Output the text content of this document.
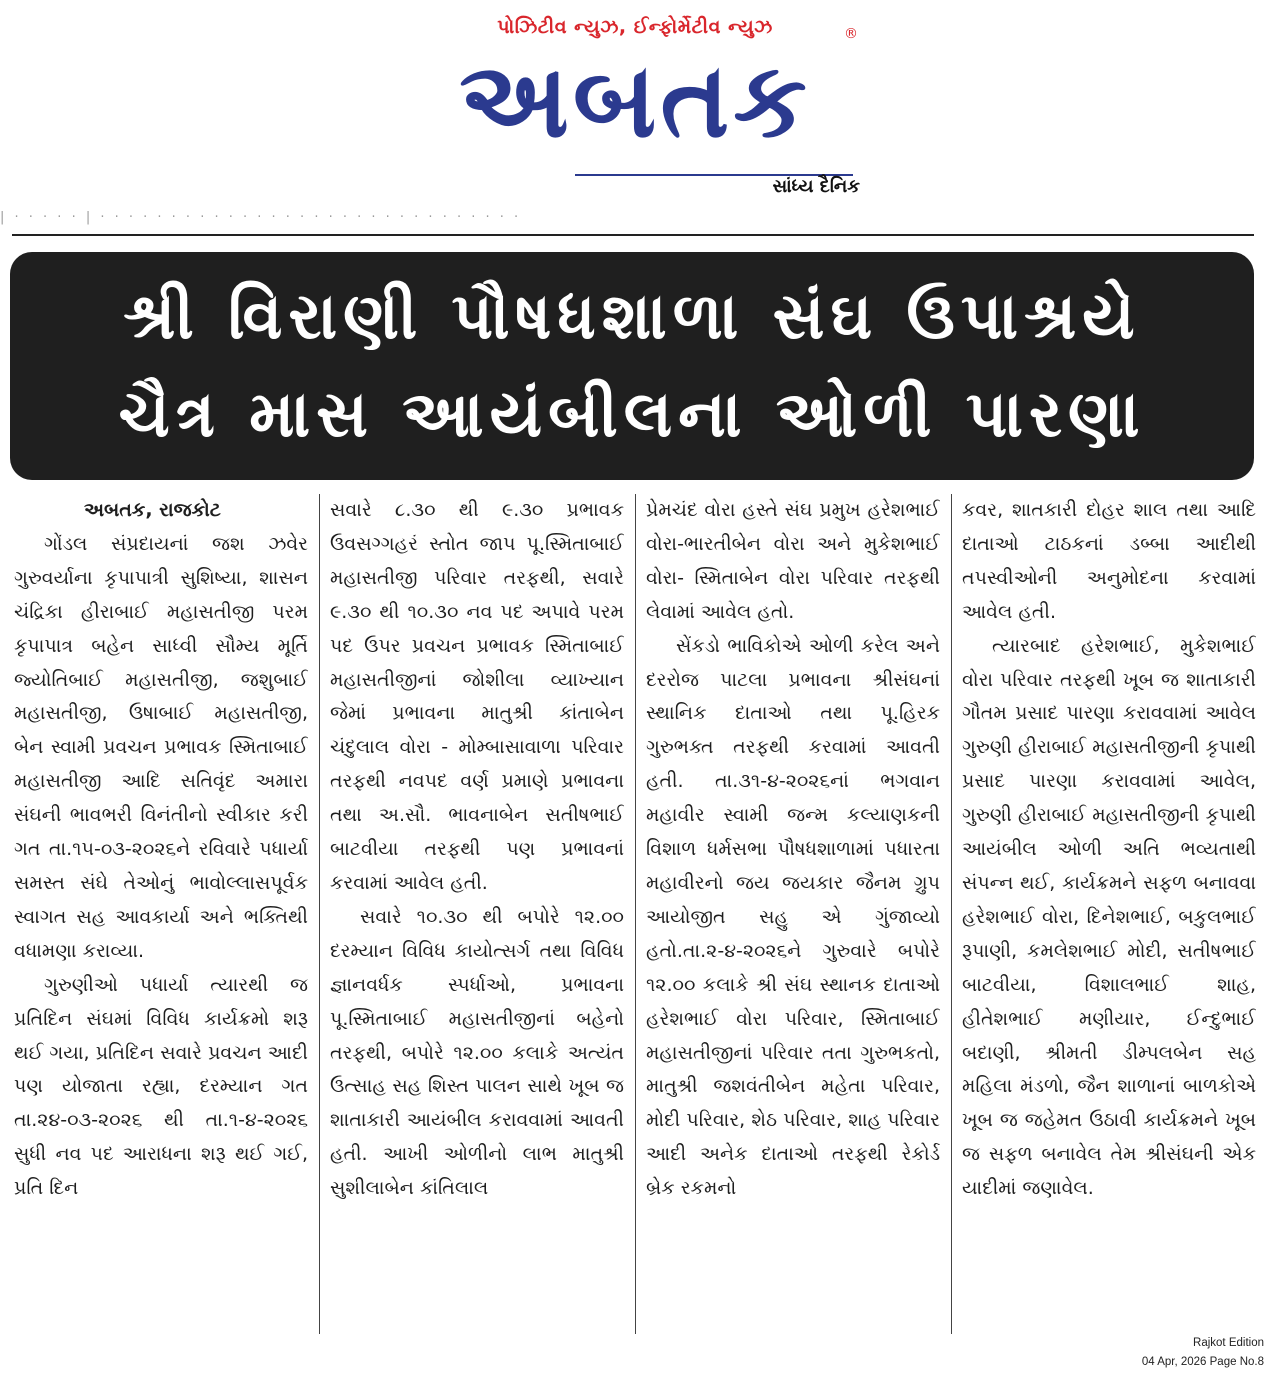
પોઝિટીવ ન્યુઝ, ઈન્ફોર્મેટીવ ન્યુઝ	®
અબતક
સાંધ્ય દૈનિક
| · · · · · | · · · · · · · · · · · · · · · · · · · · · · · · · · · · · ·
શ્રી વિરાણી પૌષધશાળા સંઘ ઉપાશ્રયે
ચૈત્ર માસ આયંબીલના ઓળી પારણા

અબતક, રાજકોટ

ગોંડલ સંપ્રદાયનાં જશ ઝવેર ગુરુવર્યાના કૃપાપાત્રી સુશિષ્યા, શાસન ચંદ્રિકા હીરાબાઈ મહાસતીજી પરમ કૃપાપાત્ર બહેન સાધ્વી સૌમ્ય મૂર્તિ જ્યોતિબાઈ મહાસતીજી, જશુબાઈ મહાસતીજી, ઉષાબાઈ મહાસતીજી, બેન સ્વામી પ્રવચન પ્રભાવક સ્મિતાબાઈ મહાસતીજી આદિ સતિવૃંદ અમારા સંઘની ભાવભરી વિનંતીનો સ્વીકાર કરી ગત તા.૧૫-૦૩-૨૦૨૬ને રવિવારે પધાર્યા સમસ્ત સંઘે તેઓનું ભાવોલ્લાસપૂર્વક સ્વાગત સહ આવકાર્યા અને ભક્તિથી વધામણા કરાવ્યા.

ગુરુણીઓ પધાર્યા ત્યારથી જ પ્રતિદિન સંઘમાં વિવિધ કાર્યક્રમો શરૂ થઈ ગયા, પ્રતિદિન સવારે પ્રવચન આદી પણ યોજાતા રહ્યા, દરમ્યાન ગત તા.૨૪-૦૩-૨૦૨૬ થી તા.૧-૪-૨૦૨૬ સુધી નવ પદ આરાધના શરૂ થઈ ગઈ, પ્રતિ દિન

સવારે ૮.૩૦ થી ૯.૩૦ પ્રભાવક ઉવસગ્ગહરં સ્તોત જાપ પૂ.સ્મિતાબાઈ મહાસતીજી પરિવાર તરફથી, સવારે ૯.૩૦ થી ૧૦.૩૦ નવ પદ અપાવે પરમ પદ ઉપર પ્રવચન પ્રભાવક સ્મિતાબાઈ મહાસતીજીનાં જોશીલા વ્યાખ્યાન જેમાં પ્રભાવના માતુશ્રી કાંતાબેન ચંદુલાલ વોરા - મોમ્બાસાવાળા પરિવાર તરફથી નવપદ વર્ણ પ્રમાણે પ્રભાવના તથા અ.સૌ. ભાવનાબેન સતીષભાઈ બાટવીયા તરફથી પણ પ્રભાવનાં કરવામાં આવેલ હતી.

સવારે ૧૦.૩૦ થી બપોરે ૧૨.૦૦ દરમ્યાન વિવિધ કાયોત્સર્ગ તથા વિવિધ જ્ઞાનવર્ધક સ્પર્ધાઓ, પ્રભાવના પૂ.સ્મિતાબાઈ મહાસતીજીનાં બહેનો તરફથી, બપોરે ૧૨.૦૦ કલાકે અત્યંત ઉત્સાહ સહ શિસ્ત પાલન સાથે ખૂબ જ શાતાકારી આયંબીલ કરાવવામાં આવતી હતી. આખી ઓળીનો લાભ માતુશ્રી સુશીલાબેન કાંતિલાલ

પ્રેમચંદ વોરા હસ્તે સંઘ પ્રમુખ હરેશભાઈ વોરા-ભારતીબેન વોરા અને મુકેશભાઈ વોરા- સ્મિતાબેન વોરા પરિવાર તરફથી લેવામાં આવેલ હતો.

સેંકડો ભાવિકોએ ઓળી કરેલ અને દરરોજ પાટલા પ્રભાવના શ્રીસંઘનાં સ્થાનિક દાતાઓ તથા પૂ.હિરક ગુરુભક્ત તરફથી કરવામાં આવતી હતી. તા.૩૧-૪-૨૦૨૬નાં ભગવાન મહાવીર સ્વામી જન્મ કલ્યાણકની વિશાળ ધર્મસભા પૌષધશાળામાં પધારતા મહાવીરનો જય જયકાર જૈનમ ગ્રુપ આયોજીત સહુ એ ગુંજાવ્યો હતો.તા.૨-૪-૨૦૨૬ને ગુરુવારે બપોરે ૧૨.૦૦ કલાકે શ્રી સંઘ સ્થાનક દાતાઓ હરેશભાઈ વોરા પરિવાર, સ્મિતાબાઈ મહાસતીજીનાં પરિવાર તતા ગુરુભકતો, માતુશ્રી જશવંતીબેન મહેતા પરિવાર, મોદી પરિવાર, શેઠ પરિવાર, શાહ પરિવાર આદી અનેક દાતાઓ તરફથી રેકોર્ડ બ્રેક રકમનો

કવર, શાતકારી દોહર શાલ તથા આદિ દાતાઓ ટાઠકનાં ડબ્બા આદીથી તપસ્વીઓની અનુમોદના કરવામાં આવેલ હતી.

ત્યારબાદ હરેશભાઈ, મુકેશભાઈ વોરા પરિવાર તરફથી ખૂબ જ શાતાકારી ગૌતમ પ્રસાદ પારણા કરાવવામાં આવેલ ગુરુણી હીરાબાઈ મહાસતીજીની કૃપાથી પ્રસાદ પારણા કરાવવામાં આવેલ, ગુરુણી હીરાબાઈ મહાસતીજીની કૃપાથી આયંબીલ ઓળી અતિ ભવ્યતાથી સંપન્ન થઈ, કાર્યક્રમને સફળ બનાવવા હરેશભાઈ વોરા, દિનેશભાઈ, બકુલભાઈ રૂપાણી, કમલેશભાઈ મોદી, સતીષભાઈ બાટવીયા, વિશાલભાઈ શાહ, હીતેશભાઈ મણીયાર, ઈન્દુભાઈ બદાણી, શ્રીમતી ડીમ્પલબેન સહ મહિલા મંડળો, જૈન શાળાનાં બાળકોએ ખૂબ જ જહેમત ઉઠાવી કાર્યક્રમને ખૂબ જ સફળ બનાવેલ તેમ શ્રીસંઘની એક યાદીમાં જણાવેલ.

Rajkot Edition
04 Apr, 2026 Page No.8
